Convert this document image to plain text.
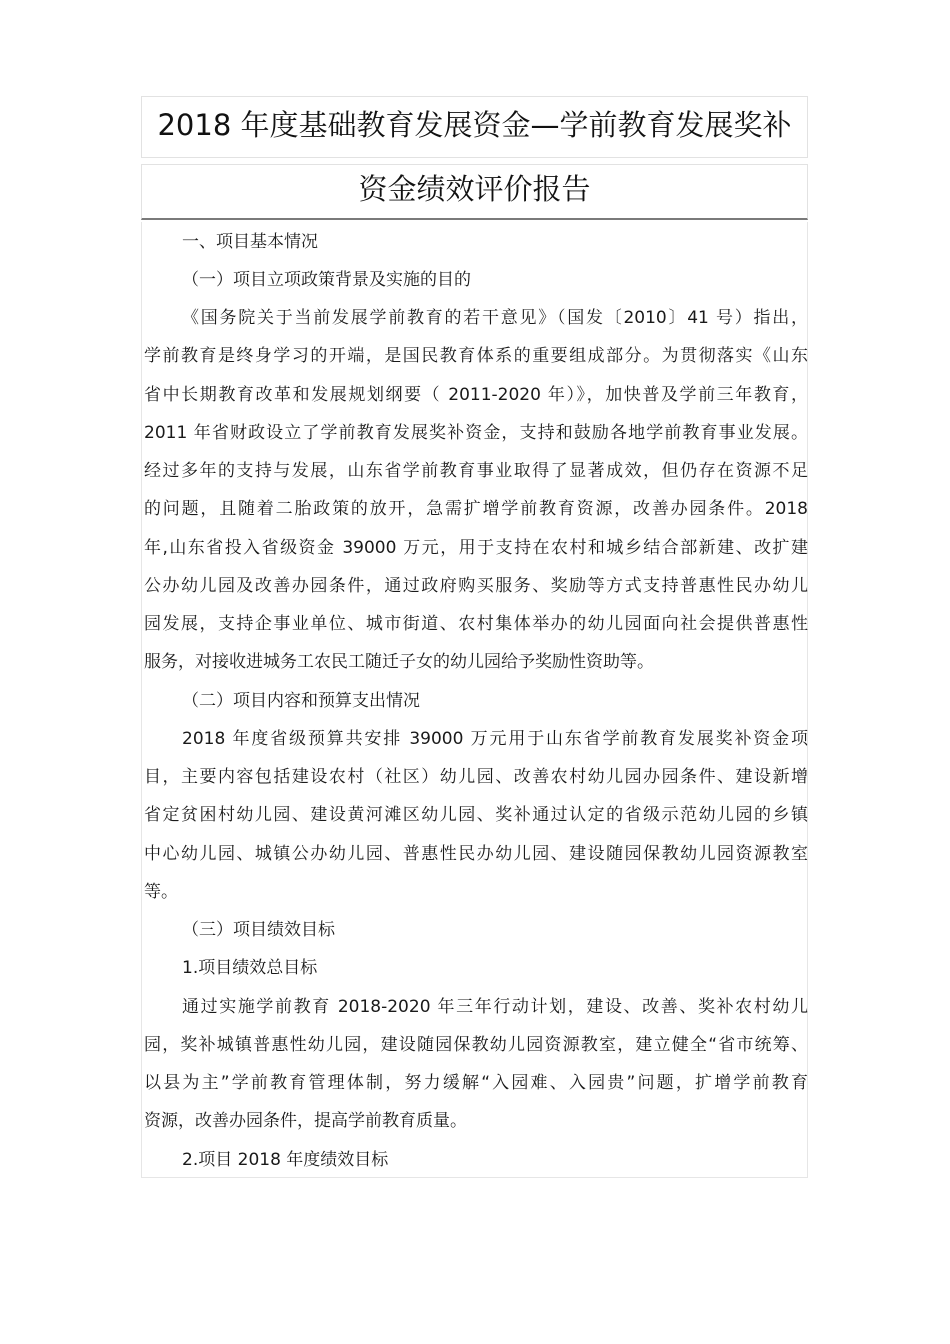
2018 年度基础教育发展资金—学前教育发展奖补
资金绩效评价报告
一、项目基本情况
（一）项目立项政策背景及实施的目的
《国务院关于当前发展学前教育的若干意见》（国发〔2010〕41 号）指出，
学前教育是终身学习的开端，是国民教育体系的重要组成部分。为贯彻落实《山东
省中长期教育改革和发展规划纲要（ 2011-2020 年）》，加快普及学前三年教育，
2011 年省财政设立了学前教育发展奖补资金，支持和鼓励各地学前教育事业发展。
经过多年的支持与发展，山东省学前教育事业取得了显著成效，但仍存在资源不足
的问题，且随着二胎政策的放开，急需扩增学前教育资源，改善办园条件。2018
年,山东省投入省级资金 39000 万元，用于支持在农村和城乡结合部新建、改扩建
公办幼儿园及改善办园条件，通过政府购买服务、奖励等方式支持普惠性民办幼儿
园发展，支持企事业单位、城市街道、农村集体举办的幼儿园面向社会提供普惠性
服务，对接收进城务工农民工随迁子女的幼儿园给予奖励性资助等。
（二）项目内容和预算支出情况
2018 年度省级预算共安排 39000 万元用于山东省学前教育发展奖补资金项
目，主要内容包括建设农村（社区）幼儿园、改善农村幼儿园办园条件、建设新增
省定贫困村幼儿园、建设黄河滩区幼儿园、奖补通过认定的省级示范幼儿园的乡镇
中心幼儿园、城镇公办幼儿园、普惠性民办幼儿园、建设随园保教幼儿园资源教室
等。
（三）项目绩效目标
1.项目绩效总目标
通过实施学前教育 2018-2020 年三年行动计划，建设、改善、奖补农村幼儿
园，奖补城镇普惠性幼儿园，建设随园保教幼儿园资源教室，建立健全“省市统筹、
以县为主”学前教育管理体制，努力缓解“入园难、入园贵”问题，扩增学前教育
资源，改善办园条件，提高学前教育质量。
2.项目 2018 年度绩效目标
